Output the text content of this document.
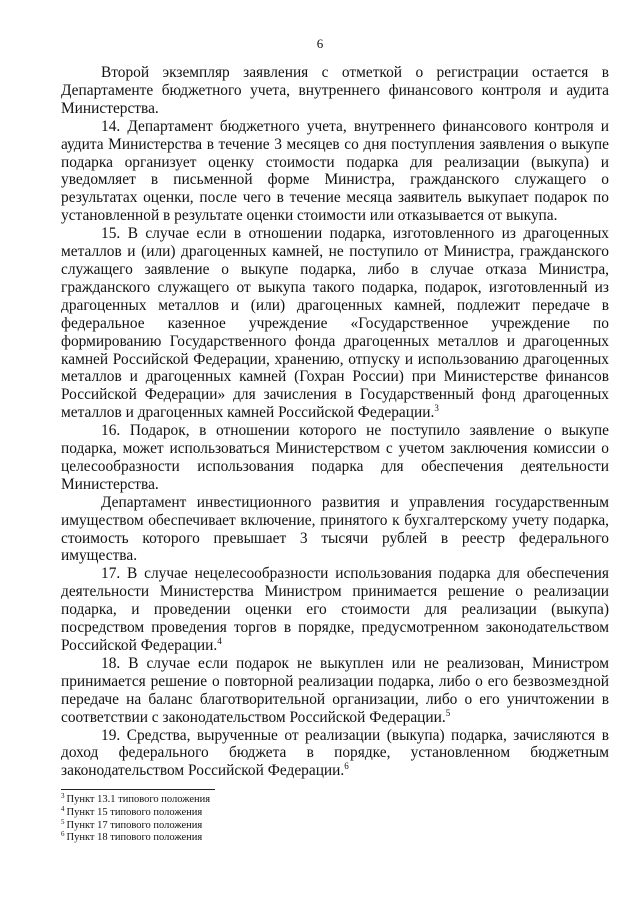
6

Второй экземпляр заявления с отметкой о регистрации остается в Департаменте бюджетного учета, внутреннего финансового контроля и аудита Министерства.

14. Департамент бюджетного учета, внутреннего финансового контроля и аудита Министерства в течение 3 месяцев со дня поступления заявления о выкупе подарка организует оценку стоимости подарка для реализации (выкупа) и уведомляет в письменной форме Министра, гражданского служащего о результатах оценки, после чего в течение месяца заявитель выкупает подарок по установленной в результате оценки стоимости или отказывается от выкупа.

15. В случае если в отношении подарка, изготовленного из драгоценных металлов и (или) драгоценных камней, не поступило от Министра, гражданского служащего заявление о выкупе подарка, либо в случае отказа Министра, гражданского служащего от выкупа такого подарка, подарок, изготовленный из драгоценных металлов и (или) драгоценных камней, подлежит передаче в федеральное казенное учреждение «Государственное учреждение по формированию Государственного фонда драгоценных металлов и драгоценных камней Российской Федерации, хранению, отпуску и использованию драгоценных металлов и драгоценных камней (Гохран России) при Министерстве финансов Российской Федерации» для зачисления в Государственный фонд драгоценных металлов и драгоценных камней Российской Федерации.$^3$

16. Подарок, в отношении которого не поступило заявление о выкупе подарка, может использоваться Министерством с учетом заключения комиссии о целесообразности использования подарка для обеспечения деятельности Министерства.

Департамент инвестиционного развития и управления государственным имуществом обеспечивает включение, принятого к бухгалтерскому учету подарка, стоимость которого превышает 3 тысячи рублей в реестр федерального имущества.

17. В случае нецелесообразности использования подарка для обеспечения деятельности Министерства Министром принимается решение о реализации подарка, и проведении оценки его стоимости для реализации (выкупа) посредством проведения торгов в порядке, предусмотренном законодательством Российской Федерации.$^4$

18. В случае если подарок не выкуплен или не реализован, Министром принимается решение о повторной реализации подарка, либо о его безвозмездной передаче на баланс благотворительной организации, либо о его уничтожении в соответствии с законодательством Российской Федерации.$^5$

19. Средства, вырученные от реализации (выкупа) подарка, зачисляются в доход федерального бюджета в порядке, установленном бюджетным законодательством Российской Федерации.$^6$

$^3$ Пункт 13.1 типового положения
$^4$ Пункт 15 типового положения
$^5$ Пункт 17 типового положения
$^6$ Пункт 18 типового положения
